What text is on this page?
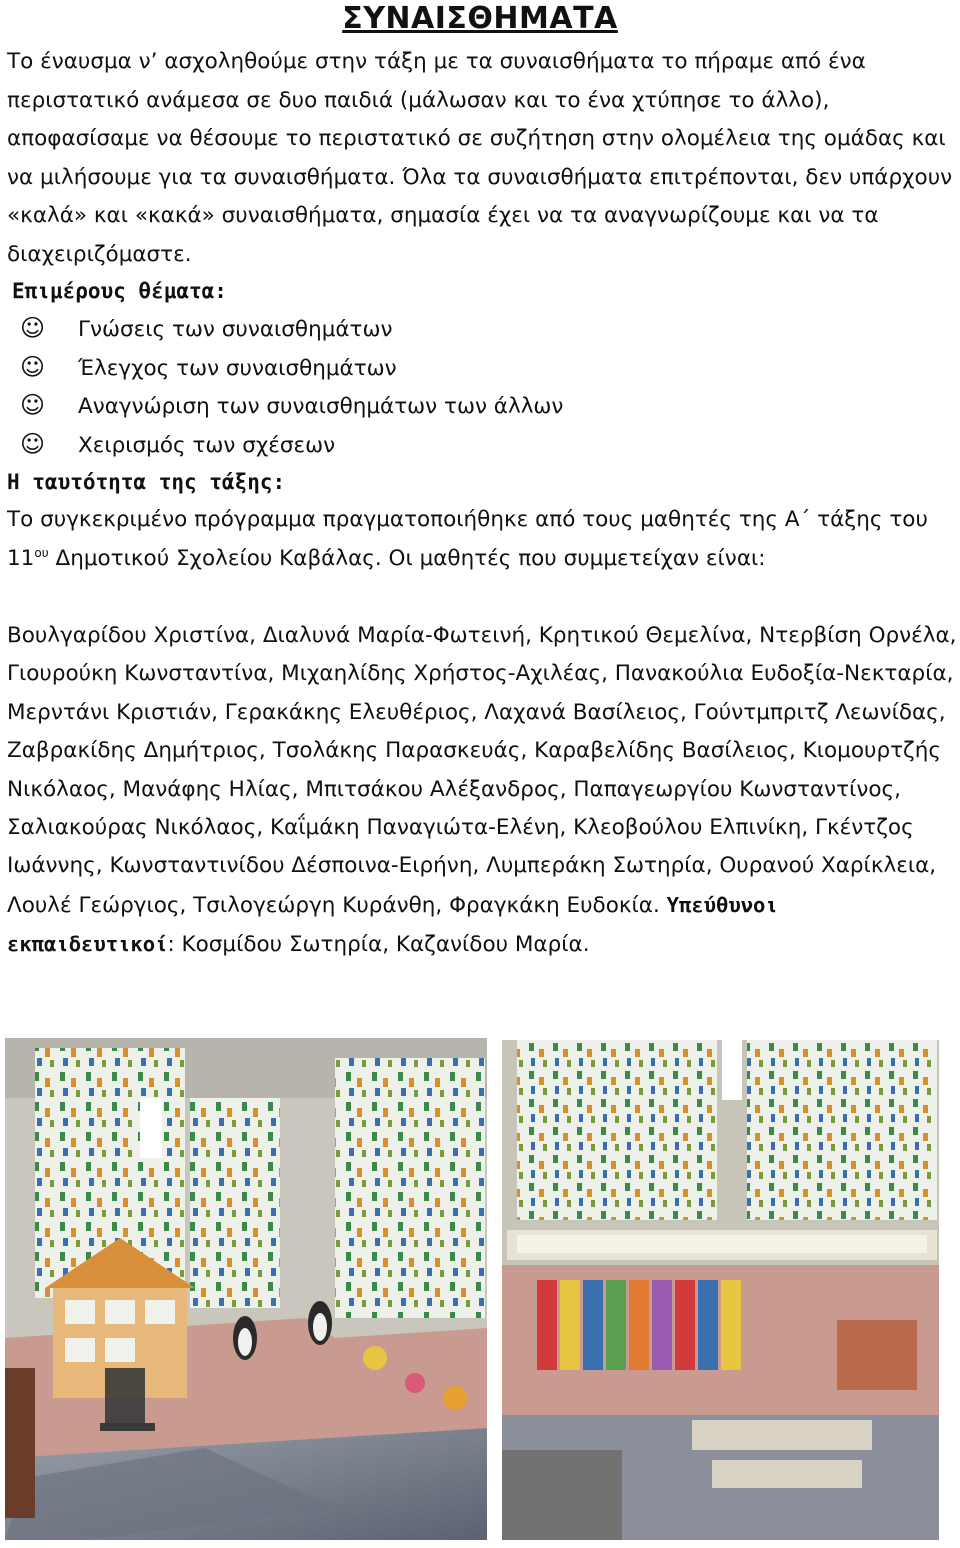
ΣΥΝΑΙΣΘΗΜΑΤΑ

Το έναυσμα ν’ ασχοληθούμε στην τάξη με τα συναισθήματα το πήραμε από ένα περιστατικό ανάμεσα σε δυο παιδιά (μάλωσαν και το ένα χτύπησε το άλλο), αποφασίσαμε να θέσουμε το περιστατικό σε συζήτηση στην ολομέλεια της ομάδας και να μιλήσουμε για τα συναισθήματα. Όλα τα συναισθήματα επιτρέπονται, δεν υπάρχουν «καλά» και «κακά» συναισθήματα, σημασία έχει να τα αναγνωρίζουμε και να τα διαχειριζόμαστε.

Επιμέρους θέματα:
☺ Γνώσεις των συναισθημάτων
☺ Έλεγχος των συναισθημάτων
☺ Αναγνώριση των συναισθημάτων των άλλων
☺ Χειρισμός των σχέσεων
Η ταυτότητα της τάξης:

Το συγκεκριμένο πρόγραμμα πραγματοποιήθηκε από τους μαθητές της Α΄ τάξης του $11^{o\upsilon}$ Δημοτικού Σχολείου Καβάλας. Οι μαθητές που συμμετείχαν είναι:

Βουλγαρίδου Χριστίνα, Διαλυνά Μαρία-Φωτεινή, Κρητικού Θεμελίνα, Ντερβίση Ορνέλα, Γιουρούκη Κωνσταντίνα, Μιχαηλίδης Χρήστος-Αχιλέας, Πανακούλια Ευδοξία-Νεκταρία, Μερντάνι Κριστιάν, Γερακάκης Ελευθέριος, Λαχανά Βασίλειος, Γούντμπριτζ Λεωνίδας, Ζαβρακίδης Δημήτριος, Τσολάκης Παρασκευάς, Καραβελίδης Βασίλειος, Κιομουρτζής Νικόλαος, Μανάφης Ηλίας, Μπιτσάκου Αλέξανδρος, Παπαγεωργίου Κωνσταντίνος, Σαλιακούρας Νικόλαος, Καΐμάκη Παναγιώτα-Ελένη, Κλεοβούλου Ελπινίκη, Γκέντζος Ιωάννης, Κωνσταντινίδου Δέσποινα-Ειρήνη, Λυμπεράκη Σωτηρία, Ουρανού Χαρίκλεια, Λουλέ Γεώργιος, Τσιλογεώργη Κυράνθη, Φραγκάκη Ευδοκία. Υπεύθυνοι εκπαιδευτικοί: Κοσμίδου Σωτηρία, Καζανίδου Μαρία.
